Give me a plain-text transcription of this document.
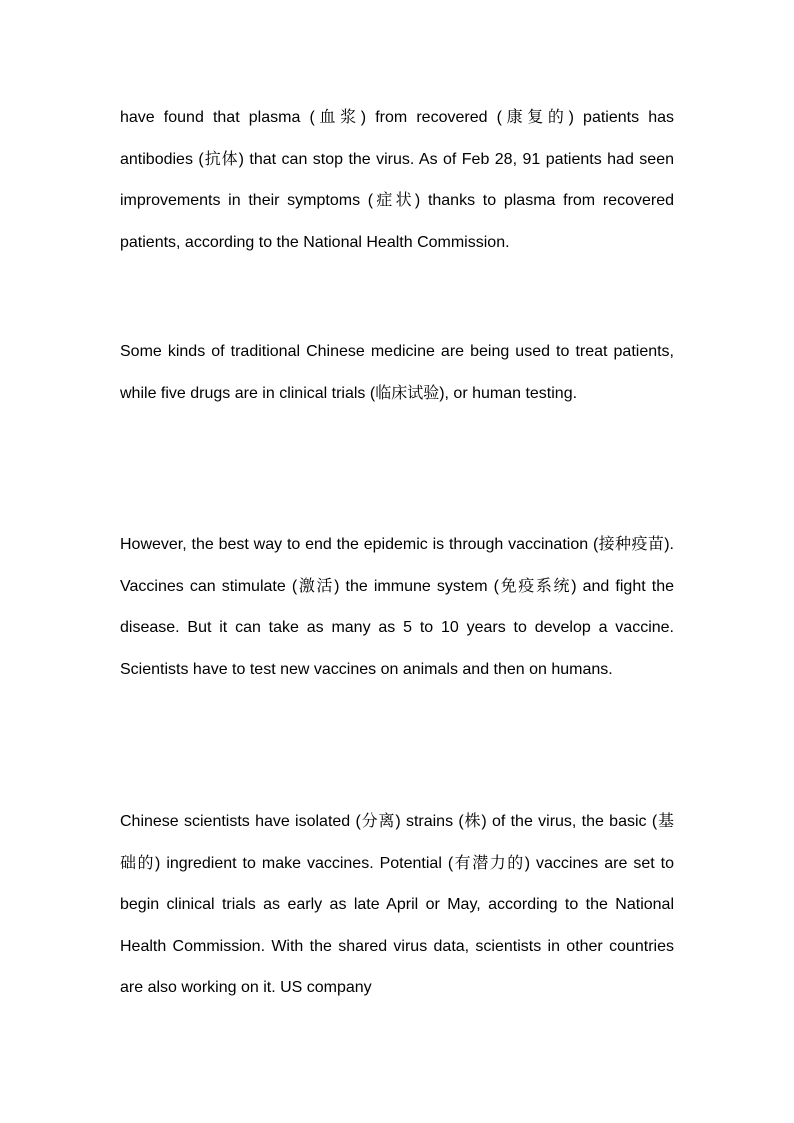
have found that plasma (血浆) from recovered (康复的) patients has antibodies (抗体) that can stop the virus. As of Feb 28, 91 patients had seen improvements in their symptoms (症状) thanks to plasma from recovered patients, according to the National Health Commission.

Some kinds of traditional Chinese medicine are being used to treat patients, while five drugs are in clinical trials (临床试验), or human testing.

However, the best way to end the epidemic is through vaccination (接种疫苗). Vaccines can stimulate (激活) the immune system (免疫系统) and fight the disease. But it can take as many as 5 to 10 years to develop a vaccine. Scientists have to test new vaccines on animals and then on humans.

Chinese scientists have isolated (分离) strains (株) of the virus, the basic (基础的) ingredient to make vaccines. Potential (有潜力的) vaccines are set to begin clinical trials as early as late April or May, according to the National Health Commission. With the shared virus data, scientists in other countries are also working on it. US company
